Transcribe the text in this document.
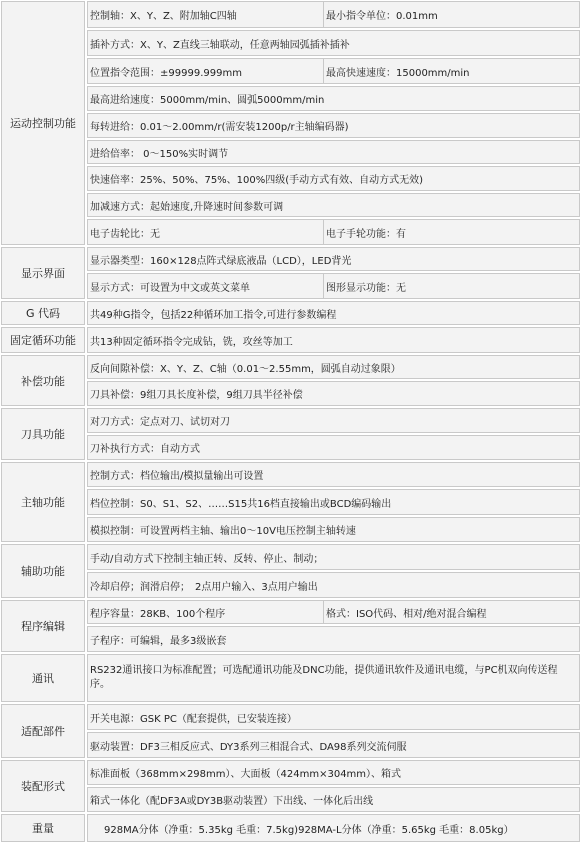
运动控制功能
控制轴：X、Y、Z、附加轴C四轴	最小指令单位：0.01mm
插补方式：X、Y、Z直线三轴联动，任意两轴园弧插补插补
位置指令范围：±99999.999mm	最高快速速度：15000mm/min
最高进给速度：5000mm/min、圆弧5000mm/min
每转进给：0.01～2.00mm/r(需安装1200p/r主轴编码器)
进给倍率： 0～150%实时调节
快速倍率：25%、50%、75%、100%四级(手动方式有效、自动方式无效)
加减速方式：起始速度,升降速时间参数可调
电子齿轮比：无	电子手轮功能：有
显示界面
显示器类型：160×128点阵式绿底液晶（LCD），LED背光
显示方式：可设置为中文或英文菜单	图形显示功能：无
G 代码	共49种G指令，包括22种循环加工指令,可进行参数编程
固定循环功能	共13种固定循环指令完成钻，铣，攻丝等加工
补偿功能
反向间隙补偿：X、Y、Z、C轴（0.01～2.55mm，圆弧自动过象限）
刀具补偿：9组刀具长度补偿，9组刀具半径补偿
刀具功能
对刀方式：定点对刀、试切对刀
刀补执行方式：自动方式
主轴功能
控制方式：档位输出/模拟量输出可设置
档位控制：S0、S1、S2、……S15共16档直接输出或BCD编码输出
模拟控制：可设置两档主轴、输出0～10V电压控制主轴转速
辅助功能
手动/自动方式下控制主轴正转、反转、停止、制动；
冷却启停；润滑启停；　2点用户输入、3点用户输出
程序编辑
程序容量：28KB、100个程序	格式：ISO代码、相对/绝对混合编程
子程序：可编辑，最多3级嵌套
通讯
RS232通讯接口为标准配置；可选配通讯功能及DNC功能，提供通讯软件及通讯电缆，与PC机双向传送程序。
适配部件
开关电源：GSK PC（配套提供，已安装连接）
驱动装置：DF3三相反应式、DY3系列三相混合式、DA98系列交流伺服
装配形式
标准面板（368mm×298mm）、大面板（424mm×304mm）、箱式
箱式一体化（配DF3A或DY3B驱动装置）下出线、一体化后出线
重量	928MA分体（净重：5.35kg 毛重：7.5kg)928MA-L分体（净重：5.65kg 毛重：8.05kg）
